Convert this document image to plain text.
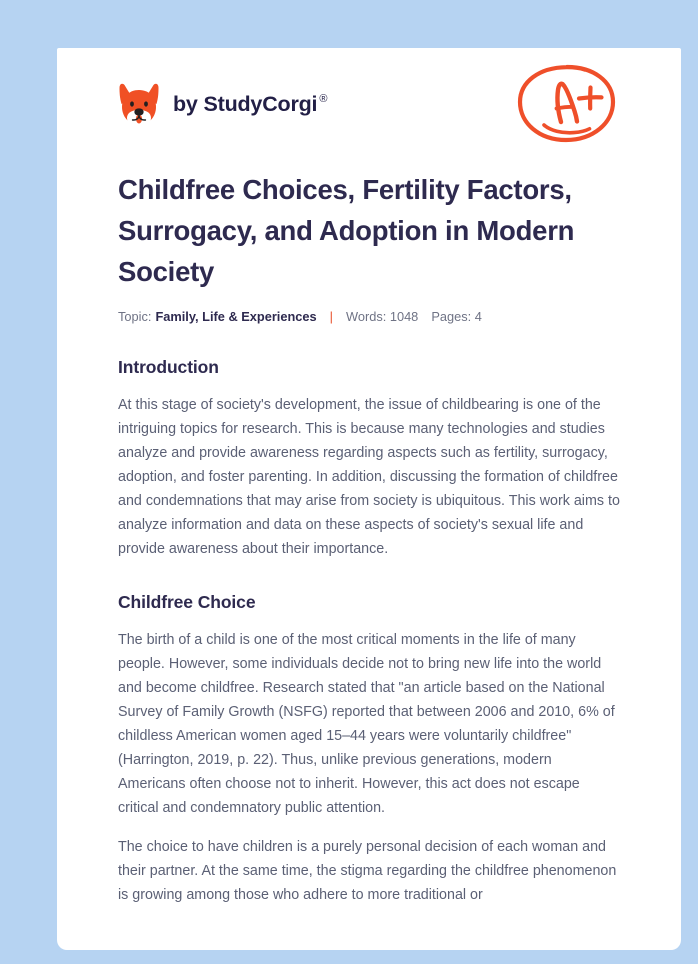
by StudyCorgi ®
Childfree Choices, Fertility Factors, Surrogacy, and Adoption in Modern Society
Topic: Family, Life & Experiences | Words: 1048 Pages: 4
Introduction

At this stage of society's development, the issue of childbearing is one of the intriguing topics for research. This is because many technologies and studies analyze and provide awareness regarding aspects such as fertility, surrogacy, adoption, and foster parenting. In addition, discussing the formation of childfree and condemnations that may arise from society is ubiquitous. This work aims to analyze information and data on these aspects of society's sexual life and provide awareness about their importance.

Childfree Choice

The birth of a child is one of the most critical moments in the life of many people. However, some individuals decide not to bring new life into the world and become childfree. Research stated that "an article based on the National Survey of Family Growth (NSFG) reported that between 2006 and 2010, 6% of childless American women aged 15–44 years were voluntarily childfree" (Harrington, 2019, p. 22). Thus, unlike previous generations, modern Americans often choose not to inherit. However, this act does not escape critical and condemnatory public attention.

The choice to have children is a purely personal decision of each woman and their partner. At the same time, the stigma regarding the childfree phenomenon is growing among those who adhere to more traditional or
